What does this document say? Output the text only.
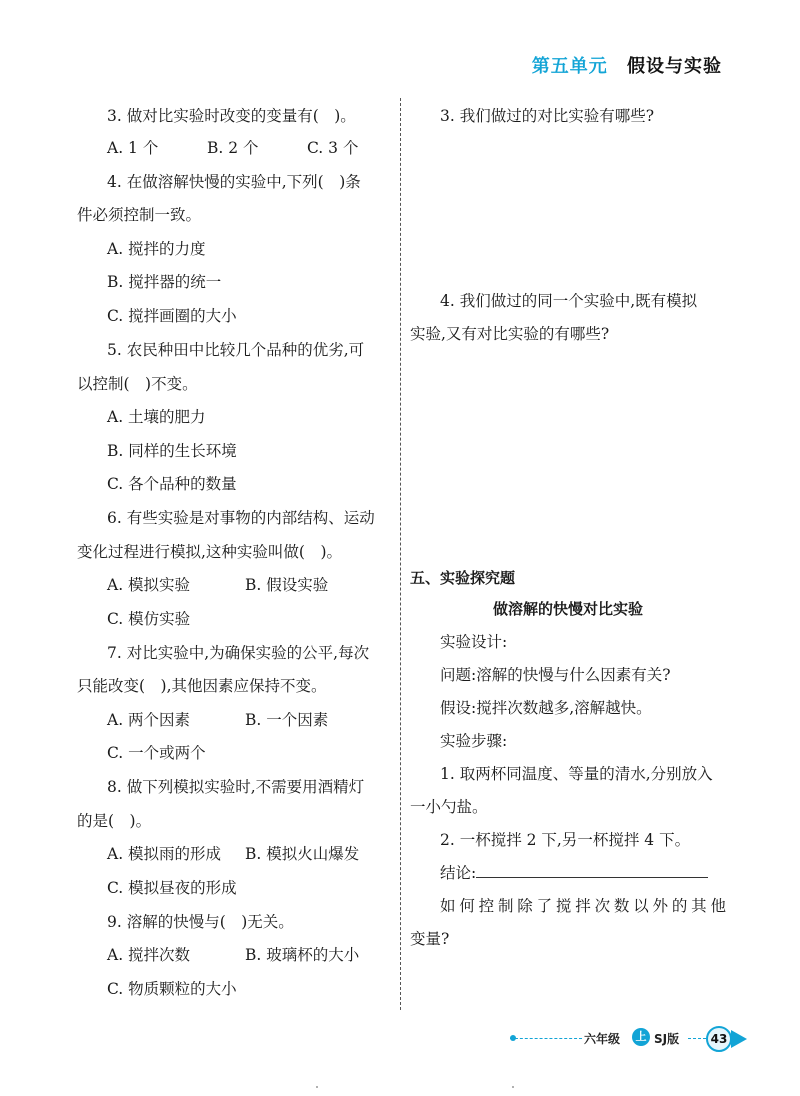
第五单元 假设与实验
3. 做对比实验时改变的变量有(　)。
A. 1 个	B. 2 个	C. 3 个
4. 在做溶解快慢的实验中,下列(　)条
件必须控制一致。
A. 搅拌的力度
B. 搅拌器的统一
C. 搅拌画圈的大小
5. 农民种田中比较几个品种的优劣,可
以控制(　)不变。
A. 土壤的肥力
B. 同样的生长环境
C. 各个品种的数量
6. 有些实验是对事物的内部结构、运动
变化过程进行模拟,这种实验叫做(　)。
A. 模拟实验	B. 假设实验
C. 模仿实验
7. 对比实验中,为确保实验的公平,每次
只能改变(　),其他因素应保持不变。
A. 两个因素	B. 一个因素
C. 一个或两个
8. 做下列模拟实验时,不需要用酒精灯
的是(　)。
A. 模拟雨的形成 B. 模拟火山爆发
C. 模拟昼夜的形成
9. 溶解的快慢与(　)无关。
A. 搅拌次数	B. 玻璃杯的大小
C. 物质颗粒的大小
3. 我们做过的对比实验有哪些?
4. 我们做过的同一个实验中,既有模拟
实验,又有对比实验的有哪些?
五、实验探究题
做溶解的快慢对比实验
实验设计:
问题:溶解的快慢与什么因素有关?
假设:搅拌次数越多,溶解越快。
实验步骤:
1. 取两杯同温度、等量的清水,分别放入
一小勺盐。
2. 一杯搅拌 2 下,另一杯搅拌 4 下。
结论:
如何控制除了搅拌次数以外的其他
变量?
六年级	上 SJ版	43
